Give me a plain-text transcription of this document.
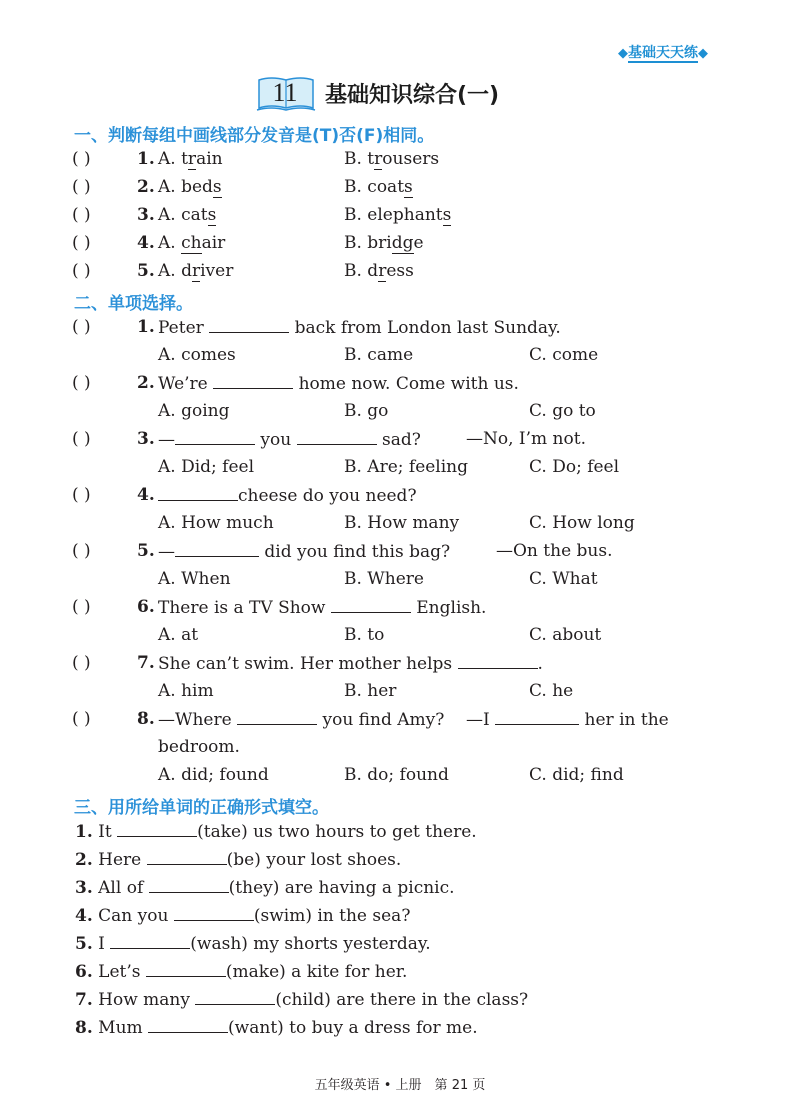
◆基础天天练◆
11	基础知识综合(一)
一、判断每组中画线部分发音是(T)否(F)相同。
( )	1. A. train	B. trousers
( )	2. A. beds	B. coats
( )	3. A. cats	B. elephants
( )	4. A. chair	B. bridge
( )	5. A. driver	B. dress
二、单项选择。
( )	1. Peter	back from London last Sunday.
A. comes	B. came	C. come
( )	2. We’re	home now. Come with us.
A. going	B. go	C. go to
( )	3. —	you	sad?	—No, I’m not.
A. Did; feel	B. Are; feeling	C. Do; feel
( )	4.	cheese do you need?
A. How much	B. How many	C. How long
( )	5. —	did you find this bag?	—On the bus.
A. When	B. Where	C. What
( )	6. There is a TV Show	English.
A. at	B. to	C. about
( )	7. She can’t swim. Her mother helps	.
A. him	B. her	C. he
( )	8. —Where	you find Amy? —I	her in the
bedroom.
A. did; found	B. do; found	C. did; find
三、用所给单词的正确形式填空。
1. It	(take) us two hours to get there.
2. Here	(be) your lost shoes.
3. All of	(they) are having a picnic.
4. Can you	(swim) in the sea?
5. I	(wash) my shorts yesterday.
6. Let’s	(make) a kite for her.
7. How many	(child) are there in the class?
8. Mum	(want) to buy a dress for me.
五年级英语 • 上册　第 21 页
